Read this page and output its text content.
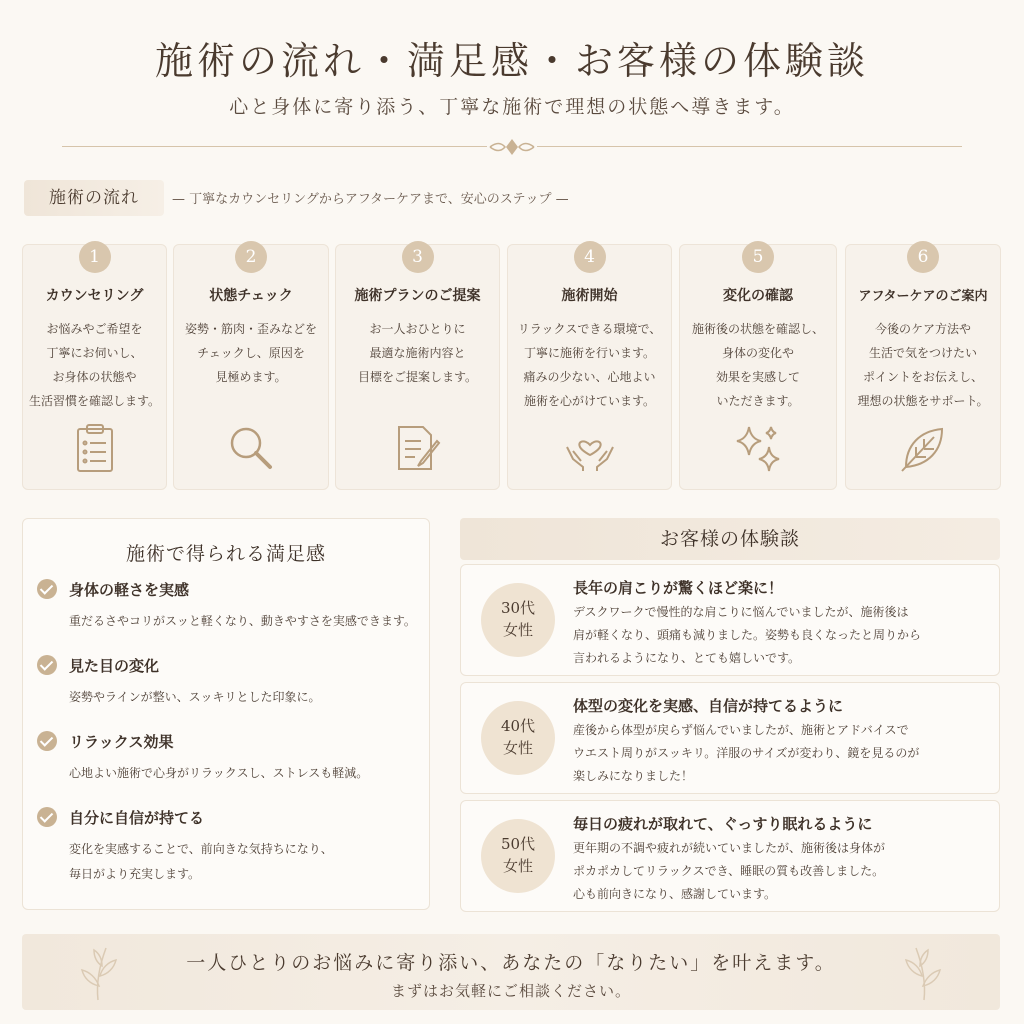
施術の流れ・満足感・お客様の体験談
心と身体に寄り添う、丁寧な施術で理想の状態へ導きます。
施術の流れ	— 丁寧なカウンセリングからアフターケアまで、安心のステップ —
1
カウンセリング
お悩みやご希望を
丁寧にお伺いし、
お身体の状態や
生活習慣を確認します。
2
状態チェック
姿勢・筋肉・歪みなどを
チェックし、原因を
見極めます。
3
施術プランのご提案
お一人おひとりに
最適な施術内容と
目標をご提案します。
4
施術開始
リラックスできる環境で、
丁寧に施術を行います。
痛みの少ない、心地よい
施術を心がけています。
5
変化の確認
施術後の状態を確認し、
身体の変化や
効果を実感して
いただきます。
6
アフターケアのご案内
今後のケア方法や
生活で気をつけたい
ポイントをお伝えし、
理想の状態をサポート。
施術で得られる満足感
身体の軽さを実感
重だるさやコリがスッと軽くなり、動きやすさを実感できます。
見た目の変化
姿勢やラインが整い、スッキリとした印象に。
リラックス効果
心地よい施術で心身がリラックスし、ストレスも軽減。
自分に自信が持てる
変化を実感することで、前向きな気持ちになり、
毎日がより充実します。
お客様の体験談
30代
女性
長年の肩こりが驚くほど楽に！
デスクワークで慢性的な肩こりに悩んでいましたが、施術後は
肩が軽くなり、頭痛も減りました。姿勢も良くなったと周りから
言われるようになり、とても嬉しいです。
40代
女性
体型の変化を実感、自信が持てるように
産後から体型が戻らず悩んでいましたが、施術とアドバイスで
ウエスト周りがスッキリ。洋服のサイズが変わり、鏡を見るのが
楽しみになりました！
50代
女性
毎日の疲れが取れて、ぐっすり眠れるように
更年期の不調や疲れが続いていましたが、施術後は身体が
ポカポカしてリラックスでき、睡眠の質も改善しました。
心も前向きになり、感謝しています。
一人ひとりのお悩みに寄り添い、あなたの「なりたい」を叶えます。
まずはお気軽にご相談ください。
